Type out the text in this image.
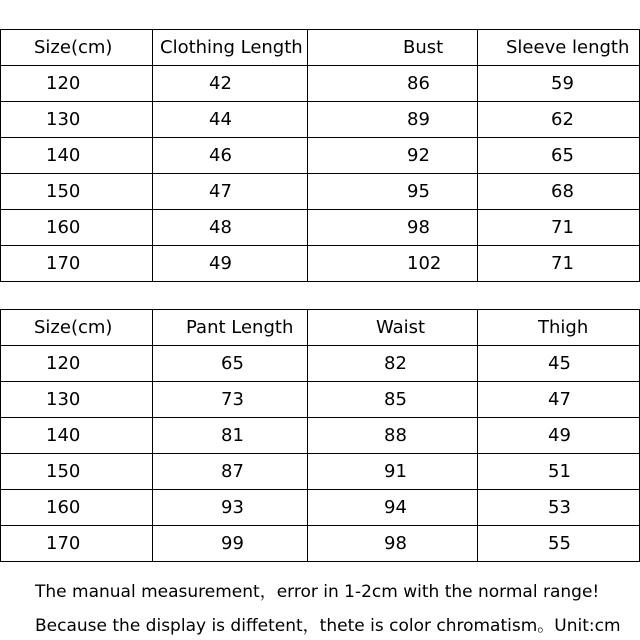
Size(cm)	Clothing Length	Bust	Sleeve length
120	42	86	59
130	44	89	62
140	46	92	65
150	47	95	68
160	48	98	71
170	49	102	71
Size(cm)	Pant Length	Waist	Thigh
120	65	82	45
130	73	85	47
140	81	88	49
150	87	91	51
160	93	94	53
170	99	98	55
The manual measurement，error in 1-2cm with the normal range!
Because the display is diffetent，thete is color chromatism。Unit:cm
